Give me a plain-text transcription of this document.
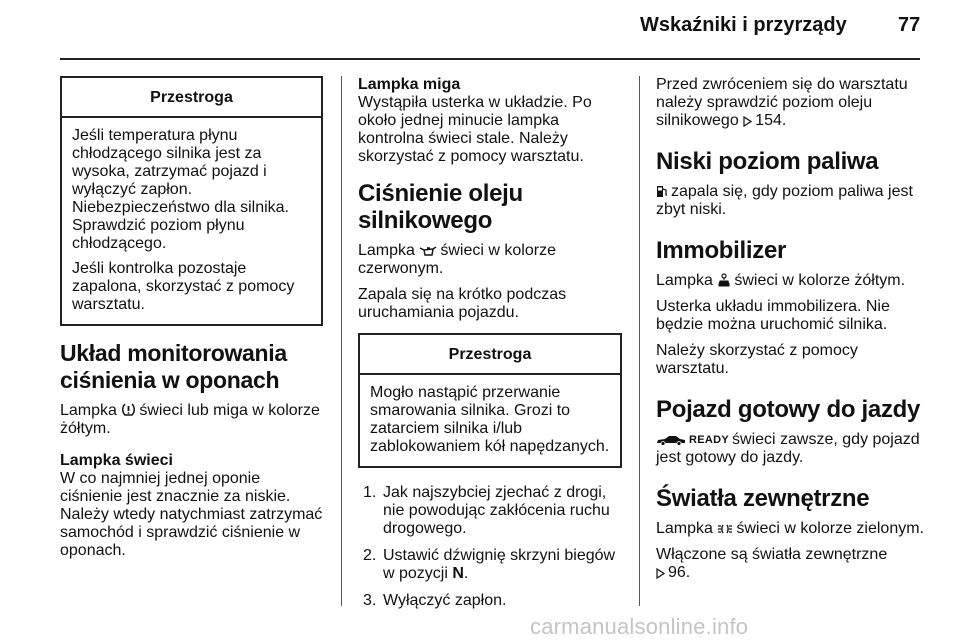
Wskaźniki i przyrządy	77
Przestroga

Jeśli temperatura płynu chłodzącego silnika jest za wysoka, zatrzymać pojazd i wyłączyć zapłon. Niebezpieczeństwo dla silnika. Sprawdzić poziom płynu chłodzącego.

Jeśli kontrolka pozostaje zapalona, skorzystać z pomocy warsztatu.

Układ monitorowania ciśnienia w oponach

Lampka świeci lub miga w kolorze żółtym.

Lampka świeci

W co najmniej jednej oponie ciśnienie jest znacznie za niskie. Należy wtedy natychmiast zatrzymać samochód i sprawdzić ciśnienie w oponach.

Lampka miga

Wystąpiła usterka w układzie. Po około jednej minucie lampka kontrolna świeci stale. Należy skorzystać z pomocy warsztatu.

Ciśnienie oleju silnikowego

Lampka świeci w kolorze czerwonym.

Zapala się na krótko podczas uruchamiania pojazdu.

Przestroga

Mogło nastąpić przerwanie smarowania silnika. Grozi to zatarciem silnika i/lub zablokowaniem kół napędzanych.

1. Jak najszybciej zjechać z drogi, nie powodując zakłócenia ruchu drogowego.
2. Ustawić dźwignię skrzyni biegów w pozycji N.
3. Wyłączyć zapłon.

Przed zwróceniem się do warsztatu należy sprawdzić poziom oleju silnikowego 154.

Niski poziom paliwa

zapala się, gdy poziom paliwa jest zbyt niski.

Immobilizer

Lampka świeci w kolorze żółtym.

Usterka układu immobilizera. Nie będzie można uruchomić silnika.

Należy skorzystać z pomocy warsztatu.

Pojazd gotowy do jazdy

READY świeci zawsze, gdy pojazd jest gotowy do jazdy.

Światła zewnętrzne

Lampka świeci w kolorze zielonym.

Włączone są światła zewnętrzne
96.

carmanualsonline.info
